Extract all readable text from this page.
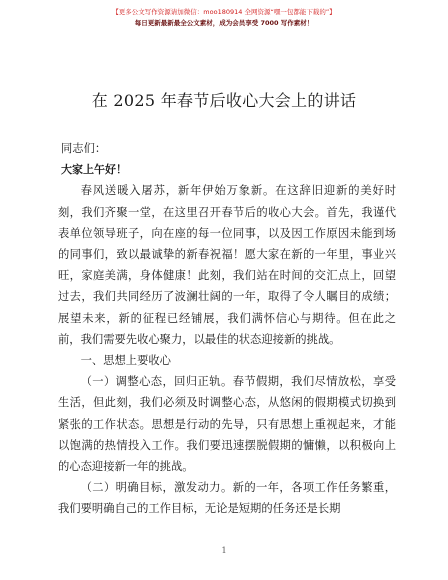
【更多公文写作资源请加微信：moo180914 全网资源“嘿一包都能下载的”】
每日更新最新最全公文素材，成为会员享受 7000 写作素材！
在 2025 年春节后收心大会上的讲话

同志们：

大家上午好！

春风送暖入屠苏，新年伊始万象新。在这辞旧迎新的美好时刻，我们齐聚一堂，在这里召开春节后的收心大会。首先，我谨代表单位领导班子，向在座的每一位同事，以及因工作原因未能到场的同事们，致以最诚挚的新春祝福！愿大家在新的一年里，事业兴旺，家庭美满，身体健康！此刻，我们站在时间的交汇点上，回望过去，我们共同经历了波澜壮阔的一年，取得了令人瞩目的成绩；展望未来，新的征程已经铺展，我们满怀信心与期待。但在此之前，我们需要先收心聚力，以最佳的状态迎接新的挑战。

一、思想上要收心

（一）调整心态，回归正轨。春节假期，我们尽情放松，享受生活，但此刻，我们必须及时调整心态，从悠闲的假期模式切换到紧张的工作状态。思想是行动的先导，只有思想上重视起来，才能以饱满的热情投入工作。我们要迅速摆脱假期的慵懒，以积极向上的心态迎接新一年的挑战。

（二）明确目标，激发动力。新的一年，各项工作任务繁重，我们要明确自己的工作目标，无论是短期的任务还是长期

1
